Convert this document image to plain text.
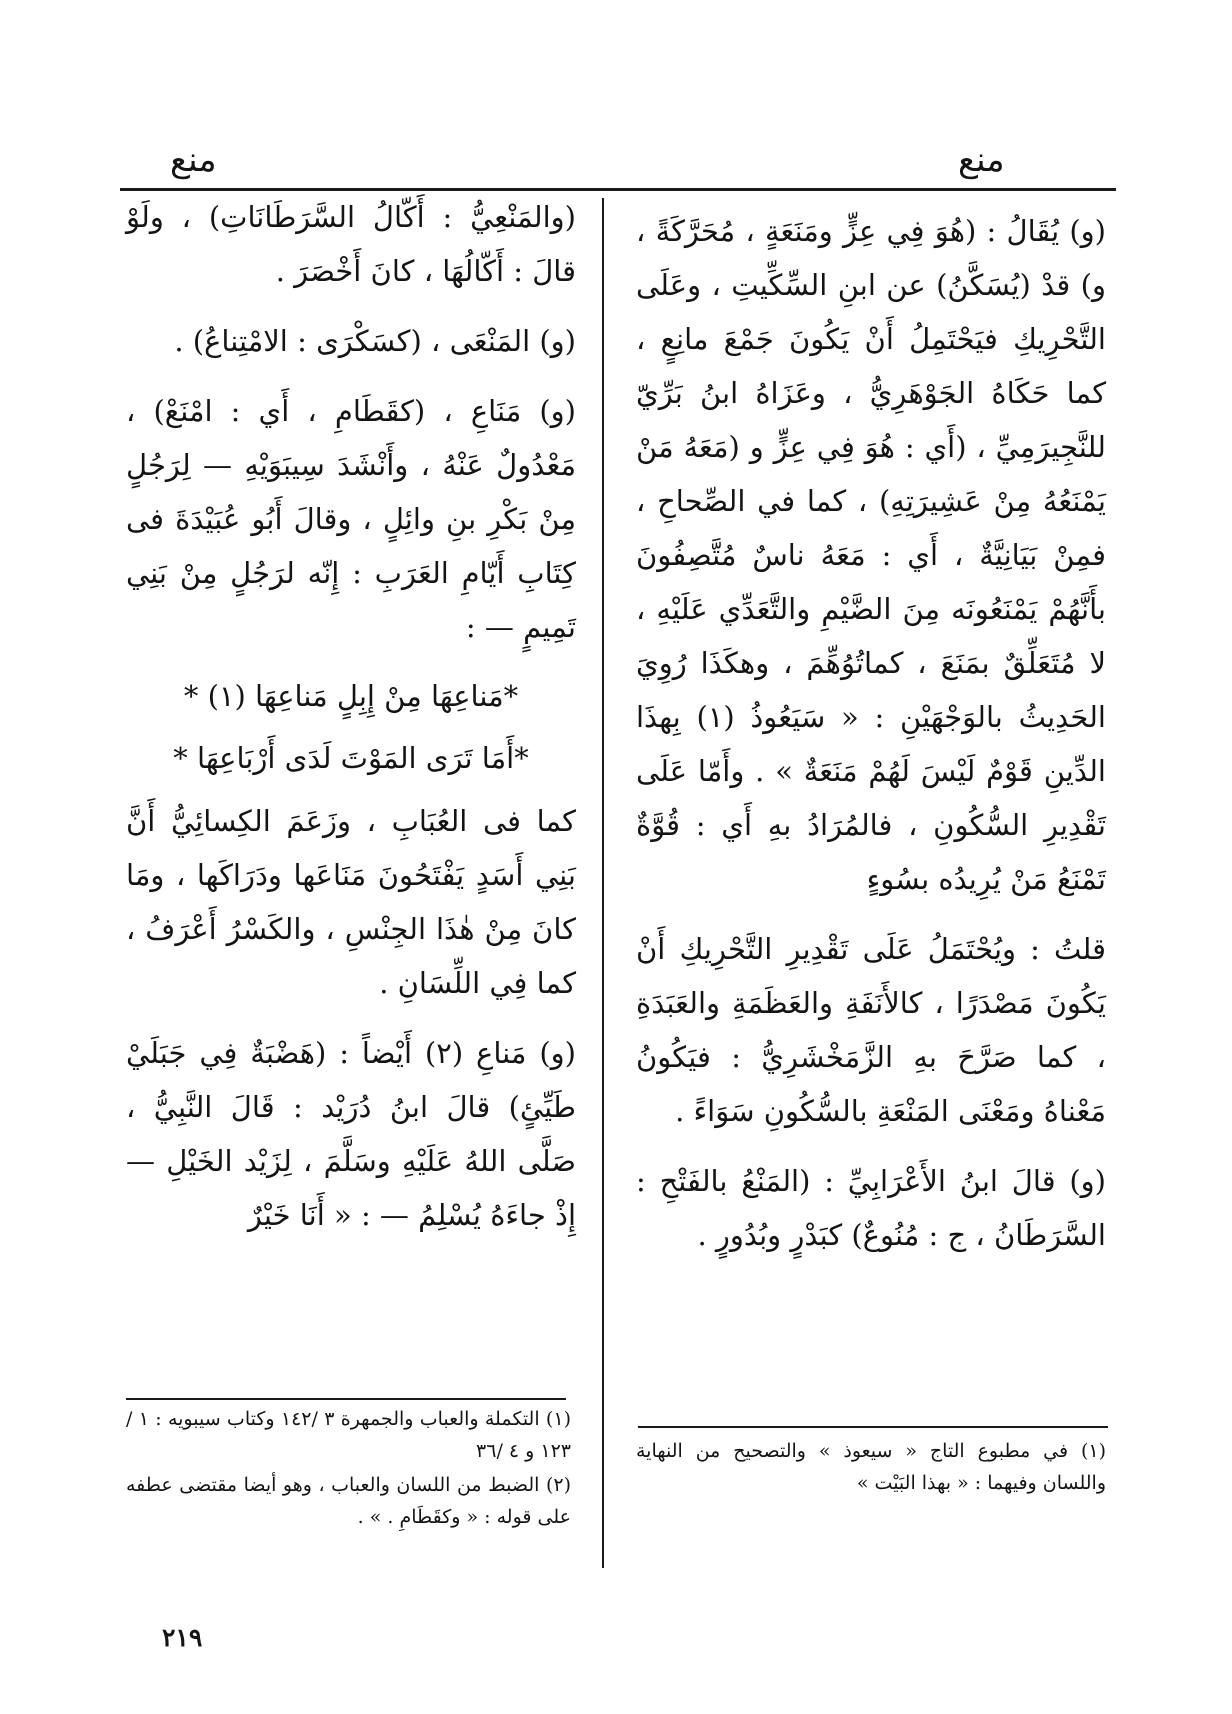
منع
منع

(و) يُقَالُ : (هُوَ فِي عِزٍّ ومَنَعَةٍ ، مُحَرَّكَةً ، و) قدْ (يُسَكَّنُ) عن ابنِ السِّكِّيتِ ، وعَلَى التَّحْرِيكِ فيَحْتَمِلُ أَنْ يَكُونَ جَمْعَ مانِعٍ ، كما حَكَاهُ الجَوْهَرِيُّ ، وعَزَاهُ ابنُ بَرِّيّ للنَّجِيرَمِيِّ ، (أَي : هُوَ فِي عِزٍّ و (مَعَهُ مَنْ يَمْنَعُهُ مِنْ عَشِيرَتِهِ) ، كما في الصِّحاحِ ، فمِنْ بَيَانِيَّةٌ ، أَي : مَعَهُ ناسٌ مُتَّصِفُونَ بأَنَّهُمْ يَمْنَعُونَه مِنَ الضَّيْمِ والتَّعَدِّي عَلَيْهِ ، لا مُتَعَلِّقٌ بمَنَعَ ، كماتُوُهِّمَ ، وهكَذَا رُوِيَ الحَدِيثُ بالوَجْهَيْنِ : « سَيَعُوذُ (١) بِهذَا الدِّينِ قَوْمٌ لَيْسَ لَهُمْ مَنَعَةٌ » . وأَمّا عَلَى تَقْدِيرِ السُّكُونِ ، فالمُرَادُ بهِ أَي : قُوَّةٌ تَمْنَعُ مَنْ يُرِيدُه بسُوءٍ

قلتُ : ويُحْتَمَلُ عَلَى تَقْدِيرِ التَّحْرِيكِ أَنْ يَكُونَ مَصْدَرًا ، كالأَنَفَةِ والعَظَمَةِ والعَبَدَةِ ، كما صَرَّحَ بهِ الزَّمَخْشَرِيُّ : فيَكُونُ مَعْناهُ ومَعْنَى المَنْعَةِ بالسُّكُونِ سَوَاءً .

(و) قالَ ابنُ الأَعْرَابِيِّ : (المَنْعُ بالفَتْحِ : السَّرَطَانُ ، ج : مُنُوعٌ) كبَدْرٍ وبُدُورٍ .

(والمَنْعِيُّ : أَكّالُ السَّرَطَانَاتِ) ، ولَوْ قالَ : أَكّالُهَا ، كانَ أَخْصَرَ .

(و) المَنْعَى ، (كسَكْرَى : الامْتِناعُ) .

(و) مَنَاعِ ، (كقَطَامِ ، أَي : امْنَعْ) ، مَعْدُولٌ عَنْهُ ، وأَنْشَدَ سِيبَوَيْهِ — لِرَجُلٍ مِنْ بَكْرِ بنِ وائِلٍ ، وقالَ أَبُو عُبَيْدَةَ فى كِتَابِ أَيّامِ العَرَبِ : إِنّه لرَجُلٍ مِنْ بَنِي تَمِيمٍ — :

*مَناعِهَا مِنْ إِبِلٍ مَناعِهَا (١) *
*أَمَا تَرَى المَوْتَ لَدَى أَرْبَاعِهَا *

كما فى العُبَابِ ، وزَعَمَ الكِسائِيُّ أَنَّ بَنِي أَسَدٍ يَفْتَحُونَ مَنَاعَها ودَرَاكَها ، ومَا كانَ مِنْ هٰذَا الجِنْسِ ، والكَسْرُ أَعْرَفُ ، كما فِي اللِّسَانِ .

(و) مَناعِ (٢) أَيْضاً : (هَضْبَةٌ فِي جَبَلَيْ طَيِّئٍ) قالَ ابنُ دُرَيْد : قَالَ النَّبِيُّ ، صَلَّى اللهُ عَلَيْهِ وسَلَّمَ ، لِزَيْد الخَيْلِ — إِذْ جاءَهُ يُسْلِمُ — : « أَنَا خَيْرٌ

(١) في مطبوع التاج « سيعوذ » والتصحيح من النهاية واللسان وفيهما : « بهذا البَيْت »
(١) التكملة والعباب والجمهرة ٣ /١٤٢ وكتاب سيبويه : ١ /١٢٣ و ٤ /٣٦
(٢) الضبط من اللسان والعباب ، وهو أيضا مقتضى عطفه على قوله : « وكقَطَامِ . » .
٢١٩
